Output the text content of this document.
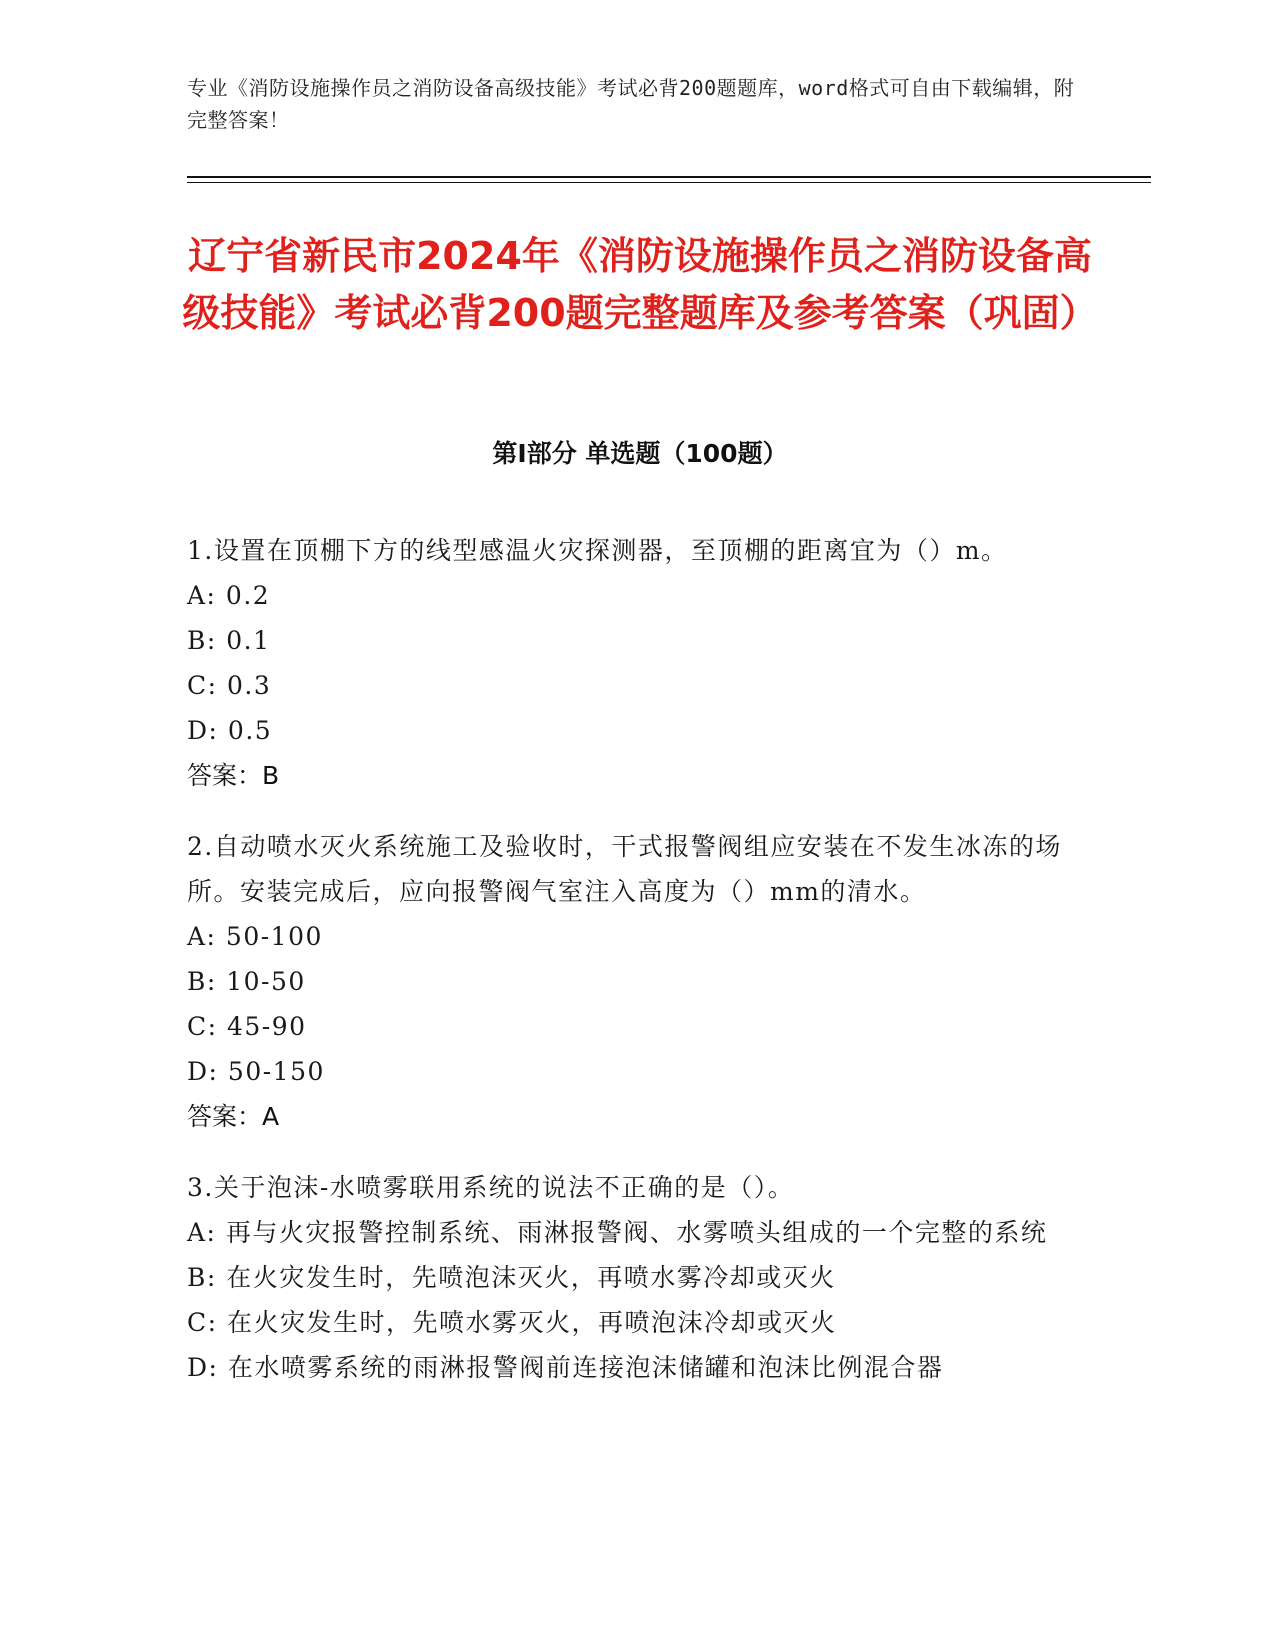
专业《消防设施操作员之消防设备高级技能》考试必背200题题库，word格式可自由下载编辑，附完整答案！
辽宁省新民市2024年《消防设施操作员之消防设备高级技能》考试必背200题完整题库及参考答案（巩固）
第I部分 单选题（100题）
1.设置在顶棚下方的线型感温火灾探测器，至顶棚的距离宜为（）m。
A: 0.2
B: 0.1
C: 0.3
D: 0.5
答案：B
2.自动喷水灭火系统施工及验收时，干式报警阀组应安装在不发生冰冻的场所。安装完成后，应向报警阀气室注入高度为（）mm的清水。
A: 50-100
B: 10-50
C: 45-90
D: 50-150
答案：A
3.关于泡沫-水喷雾联用系统的说法不正确的是（）。
A: 再与火灾报警控制系统、雨淋报警阀、水雾喷头组成的一个完整的系统
B: 在火灾发生时，先喷泡沫灭火，再喷水雾冷却或灭火
C: 在火灾发生时，先喷水雾灭火，再喷泡沫冷却或灭火
D: 在水喷雾系统的雨淋报警阀前连接泡沫储罐和泡沫比例混合器
